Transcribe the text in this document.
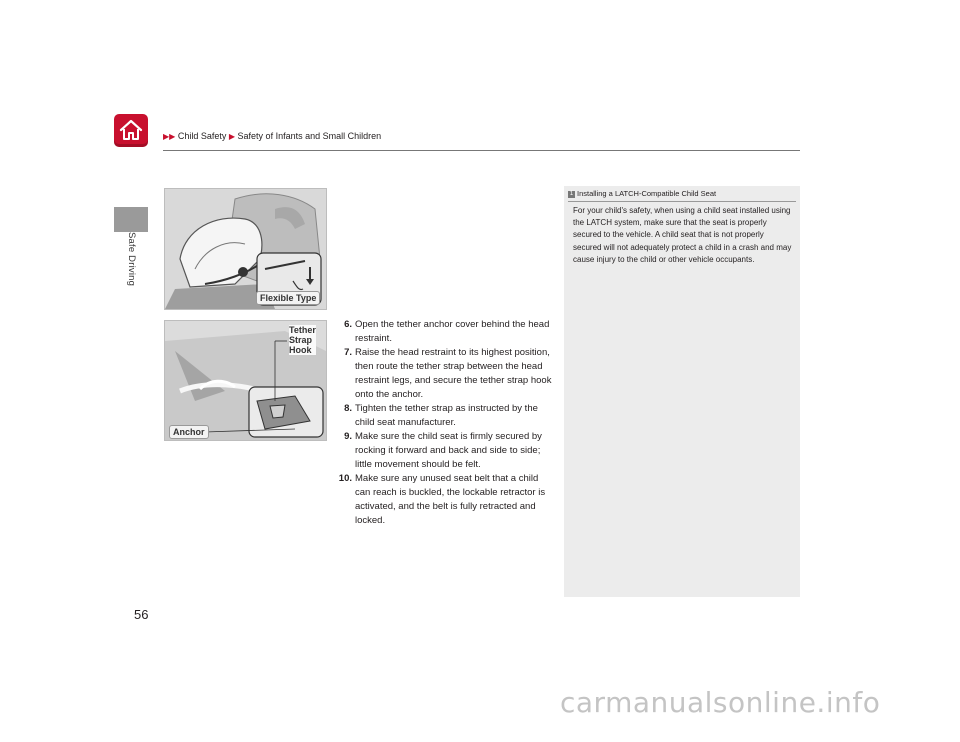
Safe Driving
▶▶ Child Safety ▶ Safety of Infants and Small Children
Flexible Type
Tether
Strap
Hook
Anchor

6. Open the tether anchor cover behind the head restraint.

7. Raise the head restraint to its highest position, then route the tether strap between the head restraint legs, and secure the tether strap hook onto the anchor.

8. Tighten the tether strap as instructed by the child seat manufacturer.

9. Make sure the child seat is firmly secured by rocking it forward and back and side to side; little movement should be felt.

10. Make sure any unused seat belt that a child can reach is buckled, the lockable retractor is activated, and the belt is fully retracted and locked.

1 Installing a LATCH-Compatible Child Seat
For your child's safety, when using a child seat installed using the LATCH system, make sure that the seat is properly secured to the vehicle. A child seat that is not properly secured will not adequately protect a child in a crash and may cause injury to the child or other vehicle occupants.
56
carmanualsonline.info
